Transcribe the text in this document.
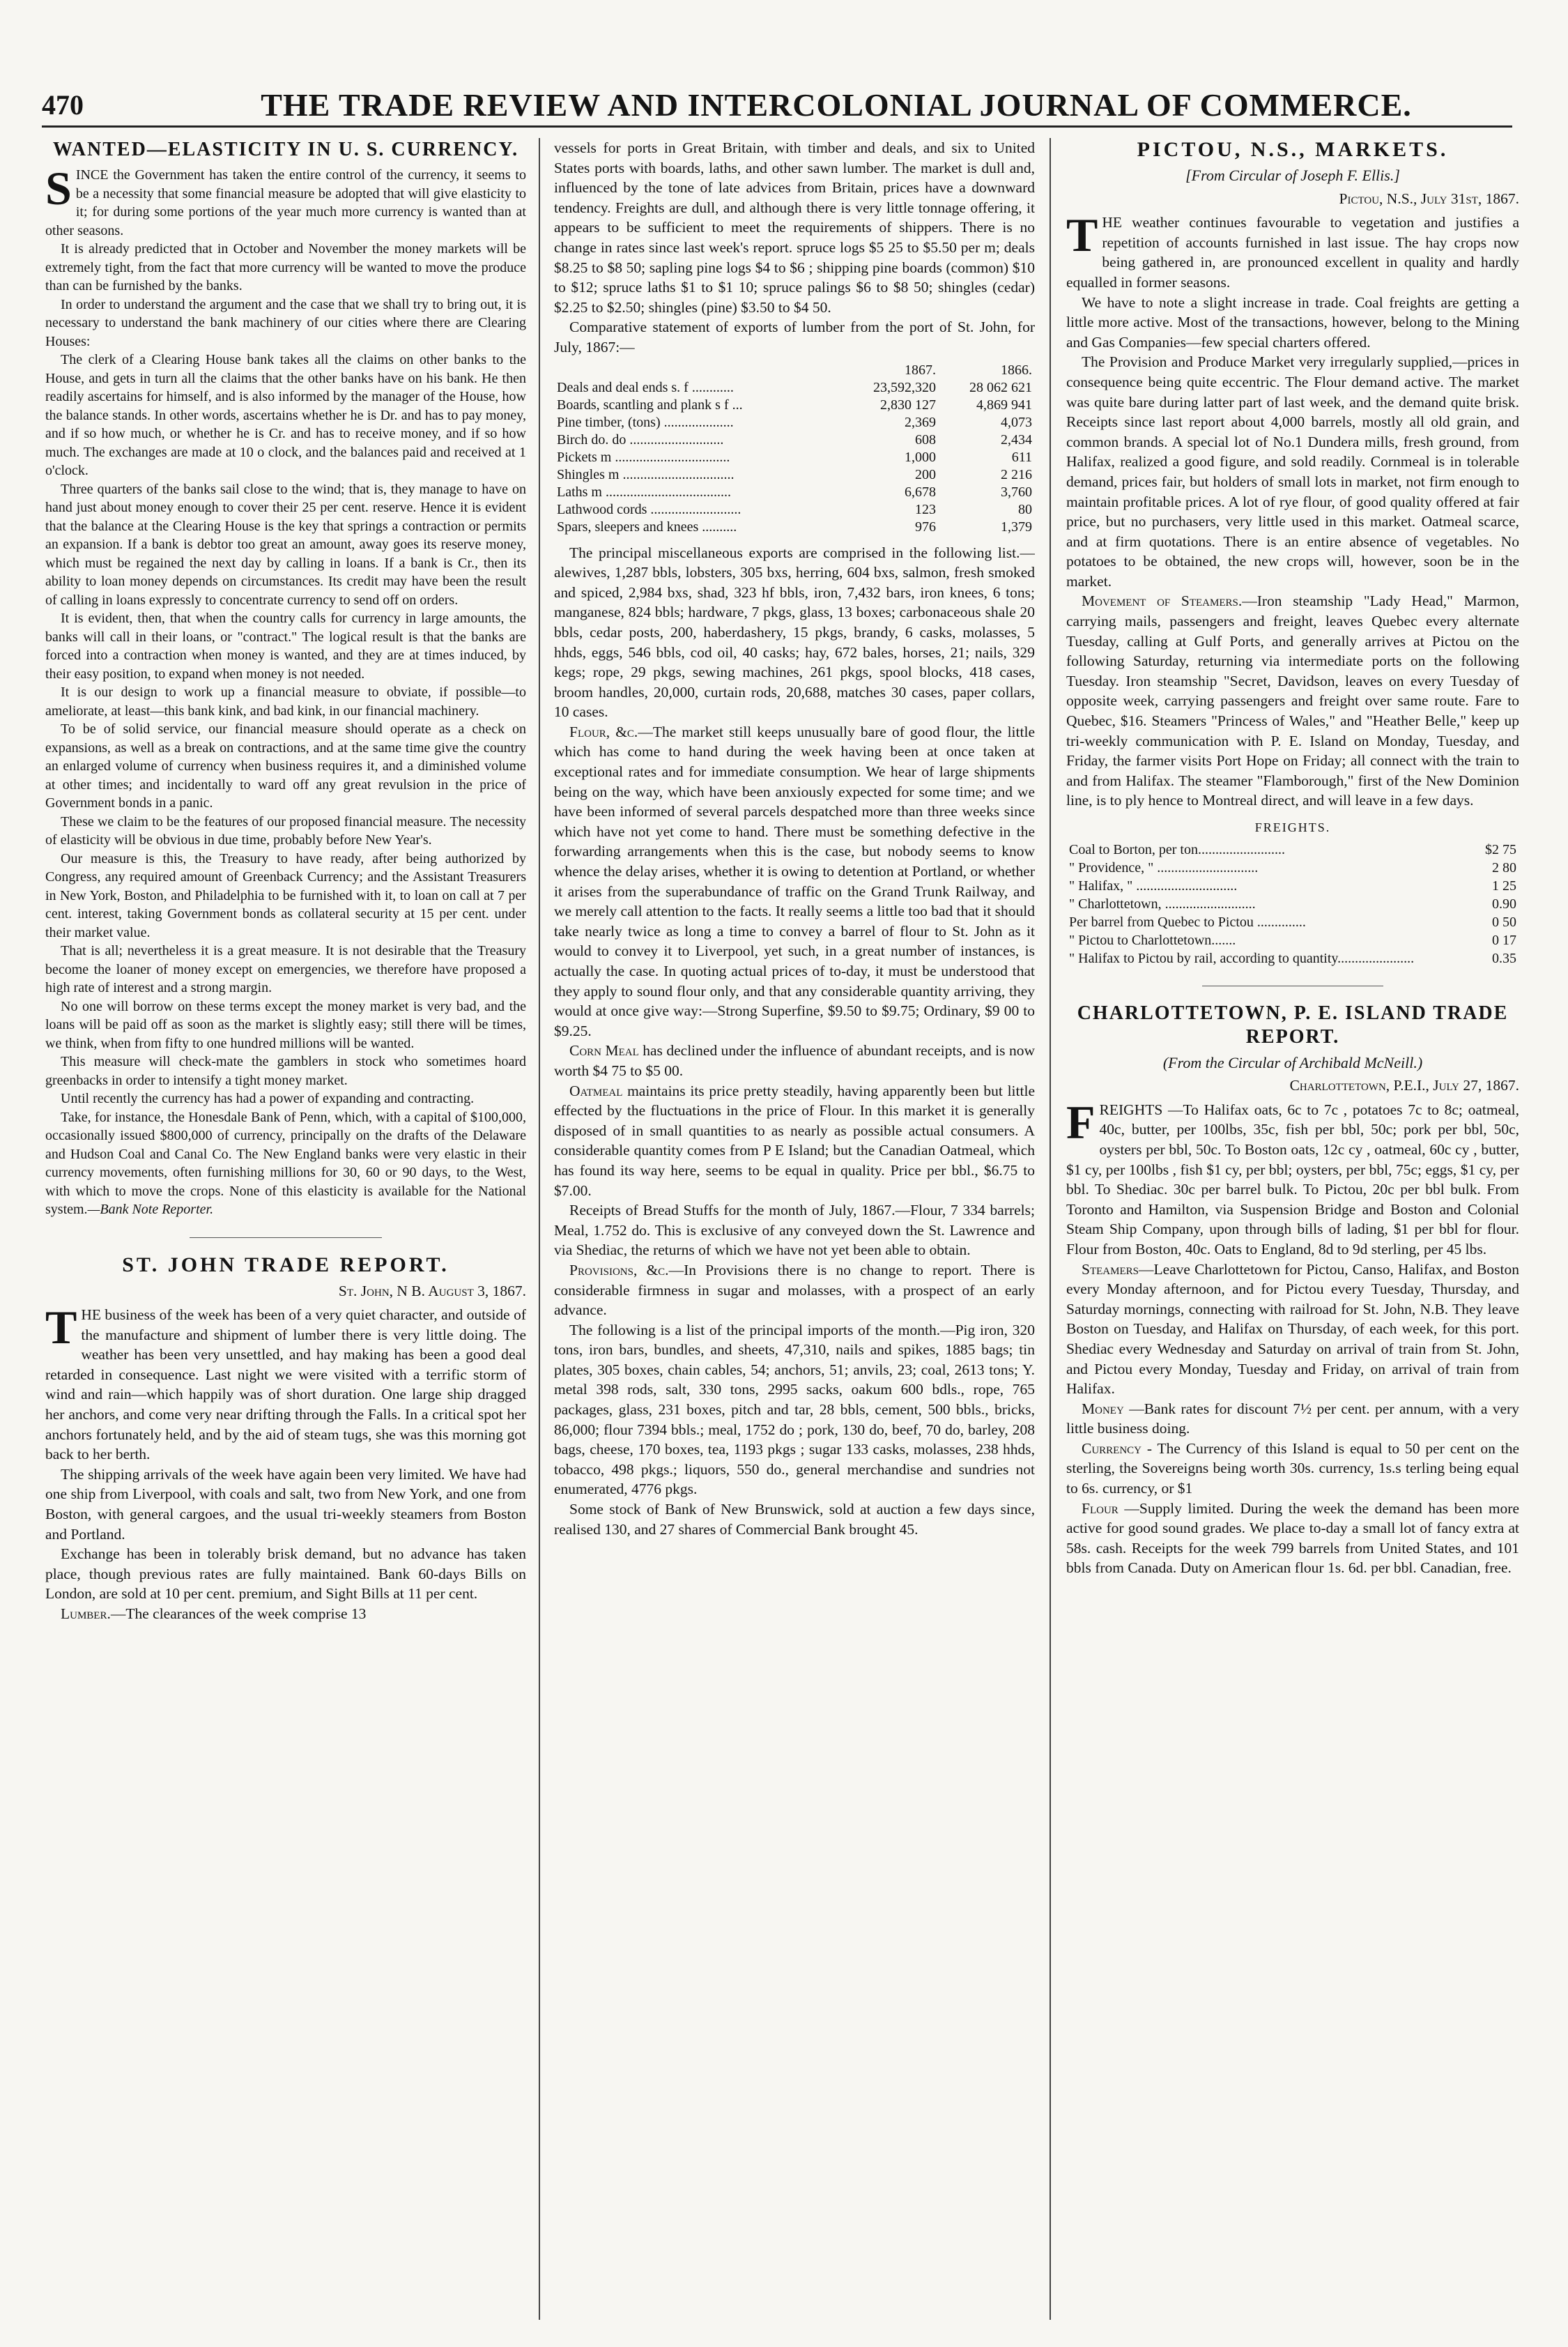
470	THE TRADE REVIEW AND INTERCOLONIAL JOURNAL OF COMMERCE.
WANTED—ELASTICITY IN U. S. CURRENCY.

SINCE the Government has taken the entire control of the currency, it seems to be a necessity that some financial measure be adopted that will give elasticity to it; for during some portions of the year much more currency is wanted than at other seasons.

It is already predicted that in October and November the money markets will be extremely tight, from the fact that more currency will be wanted to move the produce than can be furnished by the banks.

In order to understand the argument and the case that we shall try to bring out, it is necessary to understand the bank machinery of our cities where there are Clearing Houses:

The clerk of a Clearing House bank takes all the claims on other banks to the House, and gets in turn all the claims that the other banks have on his bank. He then readily ascertains for himself, and is also informed by the manager of the House, how the balance stands. In other words, ascertains whether he is Dr. and has to pay money, and if so how much, or whether he is Cr. and has to receive money, and if so how much. The exchanges are made at 10 o clock, and the balances paid and received at 1 o'clock.

Three quarters of the banks sail close to the wind; that is, they manage to have on hand just about money enough to cover their 25 per cent. reserve. Hence it is evident that the balance at the Clearing House is the key that springs a contraction or permits an expansion. If a bank is debtor too great an amount, away goes its reserve money, which must be regained the next day by calling in loans. If a bank is Cr., then its ability to loan money depends on circumstances. Its credit may have been the result of calling in loans expressly to concentrate currency to send off on orders.

It is evident, then, that when the country calls for currency in large amounts, the banks will call in their loans, or "contract." The logical result is that the banks are forced into a contraction when money is wanted, and they are at times induced, by their easy position, to expand when money is not needed.

It is our design to work up a financial measure to obviate, if possible—to ameliorate, at least—this bank kink, and bad kink, in our financial machinery.

To be of solid service, our financial measure should operate as a check on expansions, as well as a break on contractions, and at the same time give the country an enlarged volume of currency when business requires it, and a diminished volume at other times; and incidentally to ward off any great revulsion in the price of Government bonds in a panic.

These we claim to be the features of our proposed financial measure. The necessity of elasticity will be obvious in due time, probably before New Year's.

Our measure is this, the Treasury to have ready, after being authorized by Congress, any required amount of Greenback Currency; and the Assistant Treasurers in New York, Boston, and Philadelphia to be furnished with it, to loan on call at 7 per cent. interest, taking Government bonds as collateral security at 15 per cent. under their market value.

That is all; nevertheless it is a great measure. It is not desirable that the Treasury become the loaner of money except on emergencies, we therefore have proposed a high rate of interest and a strong margin.

No one will borrow on these terms except the money market is very bad, and the loans will be paid off as soon as the market is slightly easy; still there will be times, we think, when from fifty to one hundred millions will be wanted.

This measure will check-mate the gamblers in stock who sometimes hoard greenbacks in order to intensify a tight money market.

Until recently the currency has had a power of expanding and contracting.

Take, for instance, the Honesdale Bank of Penn, which, with a capital of $100,000, occasionally issued $800,000 of currency, principally on the drafts of the Delaware and Hudson Coal and Canal Co. The New England banks were very elastic in their currency movements, often furnishing millions for 30, 60 or 90 days, to the West, with which to move the crops. None of this elasticity is available for the National system.—Bank Note Reporter.

ST. JOHN TRADE REPORT.
St. John, N B. August 3, 1867.

THE business of the week has been of a very quiet character, and outside of the manufacture and shipment of lumber there is very little doing. The weather has been very unsettled, and hay making has been a good deal retarded in consequence. Last night we were visited with a terrific storm of wind and rain—which happily was of short duration. One large ship dragged her anchors, and come very near drifting through the Falls. In a critical spot her anchors fortunately held, and by the aid of steam tugs, she was this morning got back to her berth.

The shipping arrivals of the week have again been very limited. We have had one ship from Liverpool, with coals and salt, two from New York, and one from Boston, with general cargoes, and the usual tri-weekly steamers from Boston and Portland.

Exchange has been in tolerably brisk demand, but no advance has taken place, though previous rates are fully maintained. Bank 60-days Bills on London, are sold at 10 per cent. premium, and Sight Bills at 11 per cent.

Lumber.—The clearances of the week comprise 13

vessels for ports in Great Britain, with timber and deals, and six to United States ports with boards, laths, and other sawn lumber. The market is dull and, influenced by the tone of late advices from Britain, prices have a downward tendency. Freights are dull, and although there is very little tonnage offering, it appears to be sufficient to meet the requirements of shippers. There is no change in rates since last week's report. spruce logs $5 25 to $5.50 per m; deals $8.25 to $8 50; sapling pine logs $4 to $6 ; shipping pine boards (common) $10 to $12; spruce laths $1 to $1 10; spruce palings $6 to $8 50; shingles (cedar) $2.25 to $2.50; shingles (pine) $3.50 to $4 50.

Comparative statement of exports of lumber from the port of St. John, for July, 1867:—

	1867.	1866.
Deals and deal ends s. f ............	23,592,320	28 062 621
Boards, scantling and plank s f ...	2,830 127	4,869 941
Pine timber, (tons) ....................	2,369	4,073
Birch do. do ...........................	608	2,434
Pickets m .................................	1,000	611
Shingles m ................................	200	2 216
Laths m ....................................	6,678	3,760
Lathwood cords ..........................	123	80
Spars, sleepers and knees ..........	976	1,379

The principal miscellaneous exports are comprised in the following list.—alewives, 1,287 bbls, lobsters, 305 bxs, herring, 604 bxs, salmon, fresh smoked and spiced, 2,984 bxs, shad, 323 hf bbls, iron, 7,432 bars, iron knees, 6 tons; manganese, 824 bbls; hardware, 7 pkgs, glass, 13 boxes; carbonaceous shale 20 bbls, cedar posts, 200, haberdashery, 15 pkgs, brandy, 6 casks, molasses, 5 hhds, eggs, 546 bbls, cod oil, 40 casks; hay, 672 bales, horses, 21; nails, 329 kegs; rope, 29 pkgs, sewing machines, 261 pkgs, spool blocks, 418 cases, broom handles, 20,000, curtain rods, 20,688, matches 30 cases, paper collars, 10 cases.

Flour, &c.—The market still keeps unusually bare of good flour, the little which has come to hand during the week having been at once taken at exceptional rates and for immediate consumption. We hear of large shipments being on the way, which have been anxiously expected for some time; and we have been informed of several parcels despatched more than three weeks since which have not yet come to hand. There must be something defective in the forwarding arrangements when this is the case, but nobody seems to know whence the delay arises, whether it is owing to detention at Portland, or whether it arises from the superabundance of traffic on the Grand Trunk Railway, and we merely call attention to the facts. It really seems a little too bad that it should take nearly twice as long a time to convey a barrel of flour to St. John as it would to convey it to Liverpool, yet such, in a great number of instances, is actually the case. In quoting actual prices of to-day, it must be understood that they apply to sound flour only, and that any considerable quantity arriving, they would at once give way:—Strong Superfine, $9.50 to $9.75; Ordinary, $9 00 to $9.25.

Corn Meal has declined under the influence of abundant receipts, and is now worth $4 75 to $5 00.

Oatmeal maintains its price pretty steadily, having apparently been but little effected by the fluctuations in the price of Flour. In this market it is generally disposed of in small quantities to as nearly as possible actual consumers. A considerable quantity comes from P E Island; but the Canadian Oatmeal, which has found its way here, seems to be equal in quality. Price per bbl., $6.75 to $7.00.

Receipts of Bread Stuffs for the month of July, 1867.—Flour, 7 334 barrels; Meal, 1.752 do. This is exclusive of any conveyed down the St. Lawrence and via Shediac, the returns of which we have not yet been able to obtain.

Provisions, &c.—In Provisions there is no change to report. There is considerable firmness in sugar and molasses, with a prospect of an early advance.

The following is a list of the principal imports of the month.—Pig iron, 320 tons, iron bars, bundles, and sheets, 47,310, nails and spikes, 1885 bags; tin plates, 305 boxes, chain cables, 54; anchors, 51; anvils, 23; coal, 2613 tons; Y. metal 398 rods, salt, 330 tons, 2995 sacks, oakum 600 bdls., rope, 765 packages, glass, 231 boxes, pitch and tar, 28 bbls, cement, 500 bbls., bricks, 86,000; flour 7394 bbls.; meal, 1752 do ; pork, 130 do, beef, 70 do, barley, 208 bags, cheese, 170 boxes, tea, 1193 pkgs ; sugar 133 casks, molasses, 238 hhds, tobacco, 498 pkgs.; liquors, 550 do., general merchandise and sundries not enumerated, 4776 pkgs.

Some stock of Bank of New Brunswick, sold at auction a few days since, realised 130, and 27 shares of Commercial Bank brought 45.

PICTOU, N.S., MARKETS.
[From Circular of Joseph F. Ellis.]
Pictou, N.S., July 31st, 1867.

THE weather continues favourable to vegetation and justifies a repetition of accounts furnished in last issue. The hay crops now being gathered in, are pronounced excellent in quality and hardly equalled in former seasons.

We have to note a slight increase in trade. Coal freights are getting a little more active. Most of the transactions, however, belong to the Mining and Gas Companies—few special charters offered.

The Provision and Produce Market very irregularly supplied,—prices in consequence being quite eccentric. The Flour demand active. The market was quite bare during latter part of last week, and the demand quite brisk. Receipts since last report about 4,000 barrels, mostly all old grain, and common brands. A special lot of No.1 Dundera mills, fresh ground, from Halifax, realized a good figure, and sold readily. Cornmeal is in tolerable demand, prices fair, but holders of small lots in market, not firm enough to maintain profitable prices. A lot of rye flour, of good quality offered at fair price, but no purchasers, very little used in this market. Oatmeal scarce, and at firm quotations. There is an entire absence of vegetables. No potatoes to be obtained, the new crops will, however, soon be in the market.

Movement of Steamers.—Iron steamship "Lady Head," Marmon, carrying mails, passengers and freight, leaves Quebec every alternate Tuesday, calling at Gulf Ports, and generally arrives at Pictou on the following Saturday, returning via intermediate ports on the following Tuesday. Iron steamship "Secret, Davidson, leaves on every Tuesday of opposite week, carrying passengers and freight over same route. Fare to Quebec, $16. Steamers "Princess of Wales," and "Heather Belle," keep up tri-weekly communication with P. E. Island on Monday, Tuesday, and Friday, the farmer visits Port Hope on Friday; all connect with the train to and from Halifax. The steamer "Flamborough," first of the New Dominion line, is to ply hence to Montreal direct, and will leave in a few days.

FREIGHTS.
Coal to Borton, per ton.........................	$2 75
" Providence, " .............................	2 80
" Halifax, " .............................	1 25
" Charlottetown, ..........................	0.90
Per barrel from Quebec to Pictou ..............	0 50
" Pictou to Charlottetown.......	0 17
" Halifax to Pictou by rail, according to quantity......................	0.35
CHARLOTTETOWN, P. E. ISLAND TRADE REPORT.
(From the Circular of Archibald McNeill.)
Charlottetown, P.E.I., July 27, 1867.

FREIGHTS —To Halifax oats, 6c to 7c , potatoes 7c to 8c; oatmeal, 40c, butter, per 100lbs, 35c, fish per bbl, 50c; pork per bbl, 50c, oysters per bbl, 50c. To Boston oats, 12c cy , oatmeal, 60c cy , butter, $1 cy, per 100lbs , fish $1 cy, per bbl; oysters, per bbl, 75c; eggs, $1 cy, per bbl. To Shediac. 30c per barrel bulk. To Pictou, 20c per bbl bulk. From Toronto and Hamilton, via Suspension Bridge and Boston and Colonial Steam Ship Company, upon through bills of lading, $1 per bbl for flour. Flour from Boston, 40c. Oats to England, 8d to 9d sterling, per 45 lbs.

Steamers—Leave Charlottetown for Pictou, Canso, Halifax, and Boston every Monday afternoon, and for Pictou every Tuesday, Thursday, and Saturday mornings, connecting with railroad for St. John, N.B. They leave Boston on Tuesday, and Halifax on Thursday, of each week, for this port. Shediac every Wednesday and Saturday on arrival of train from St. John, and Pictou every Monday, Tuesday and Friday, on arrival of train from Halifax.

Money —Bank rates for discount 7½ per cent. per annum, with a very little business doing.

Currency - The Currency of this Island is equal to 50 per cent on the sterling, the Sovereigns being worth 30s. currency, 1s.s terling being equal to 6s. currency, or $1

Flour —Supply limited. During the week the demand has been more active for good sound grades. We place to-day a small lot of fancy extra at 58s. cash. Receipts for the week 799 barrels from United States, and 101 bbls from Canada. Duty on American flour 1s. 6d. per bbl. Canadian, free.
